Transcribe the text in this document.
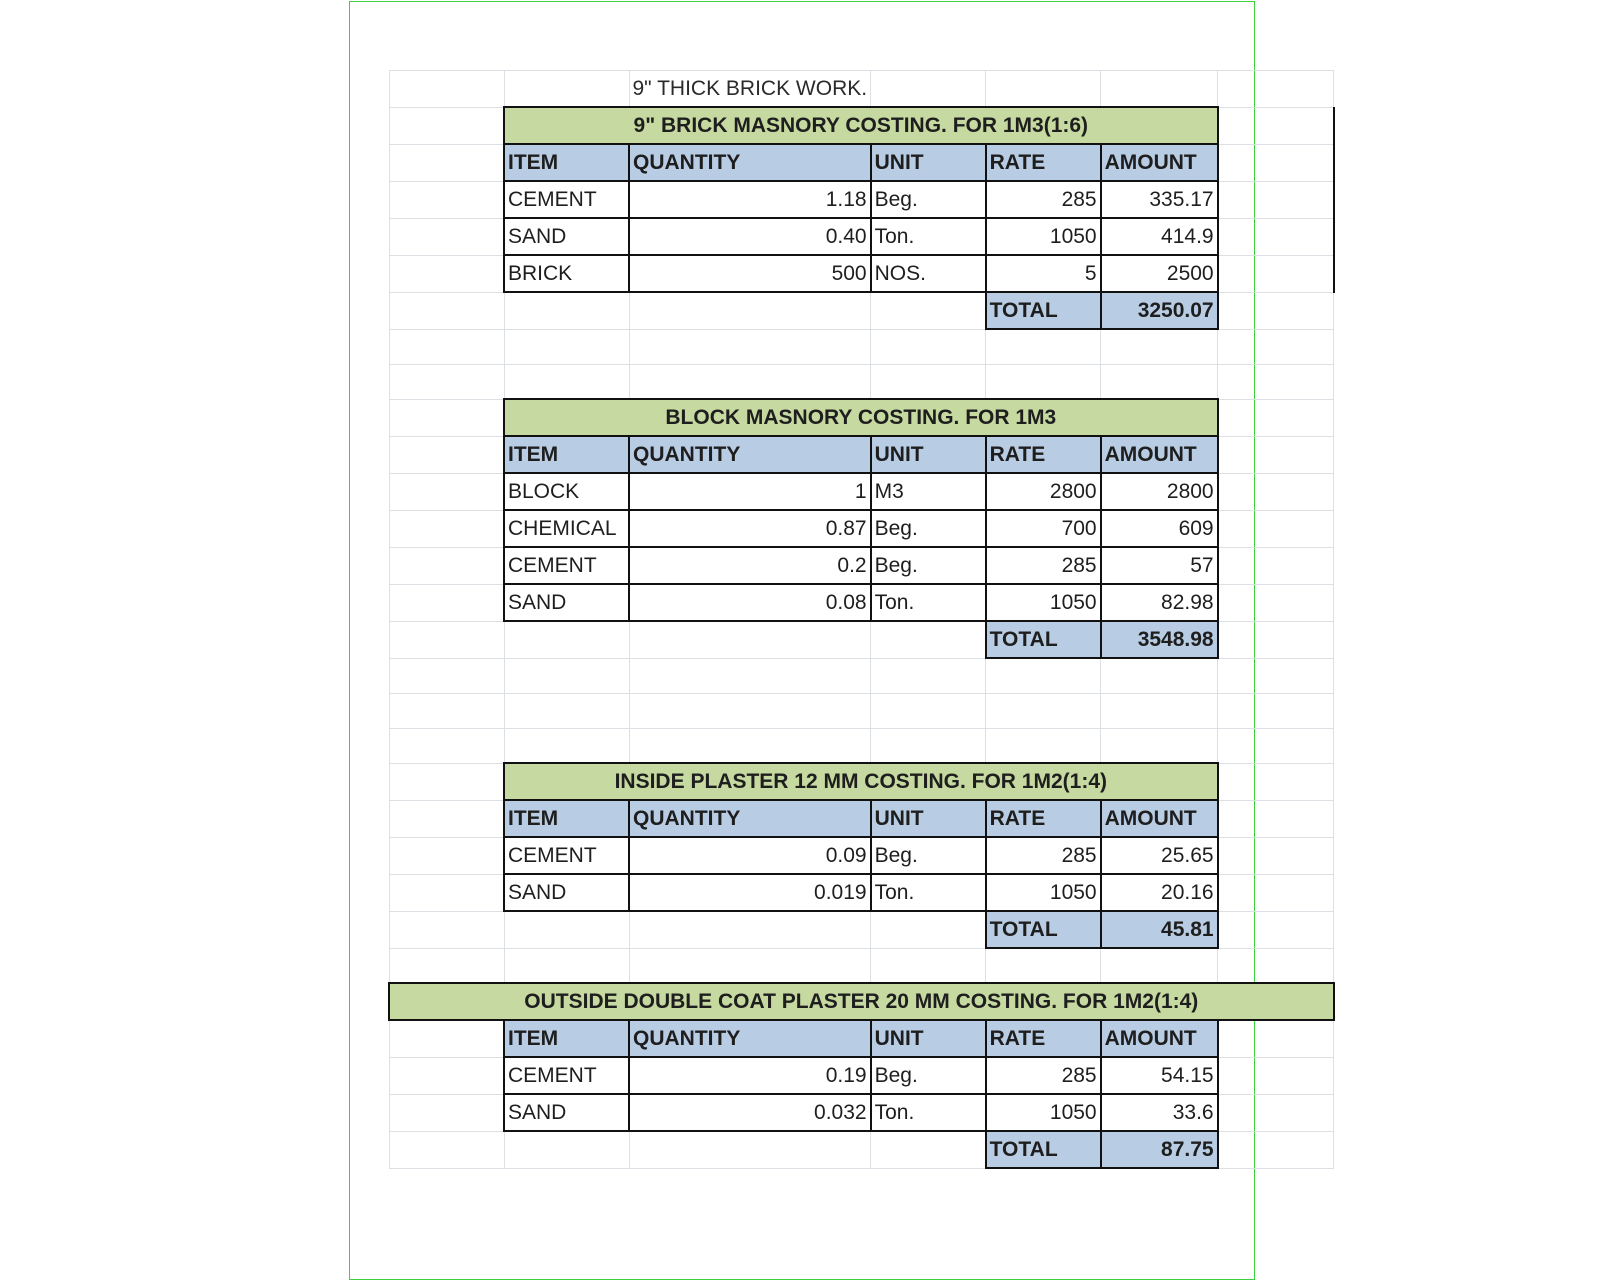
		9" THICK BRICK WORK.				
	9" BRICK MASNORY COSTING. FOR 1M3(1:6)					
	ITEM	QUANTITY	UNIT	RATE	AMOUNT	
	CEMENT	1.18	Beg.	285	335.17	
	SAND	0.40	Ton.	1050	414.9	
	BRICK	500	NOS.	5	2500	
				TOTAL	3250.07	

	BLOCK MASNORY COSTING. FOR 1M3					
	ITEM	QUANTITY	UNIT	RATE	AMOUNT	
	BLOCK	1	M3	2800	2800	
	CHEMICAL	0.87	Beg.	700	609	
	CEMENT	0.2	Beg.	285	57	
	SAND	0.08	Ton.	1050	82.98	
				TOTAL	3548.98	

	INSIDE PLASTER 12 MM COSTING. FOR 1M2(1:4)					
	ITEM	QUANTITY	UNIT	RATE	AMOUNT	
	CEMENT	0.09	Beg.	285	25.65	
	SAND	0.019	Ton.	1050	20.16	
				TOTAL	45.81	

OUTSIDE DOUBLE COAT PLASTER 20 MM COSTING. FOR 1M2(1:4)						
	ITEM	QUANTITY	UNIT	RATE	AMOUNT	
	CEMENT	0.19	Beg.	285	54.15	
	SAND	0.032	Ton.	1050	33.6	
				TOTAL	87.75	
